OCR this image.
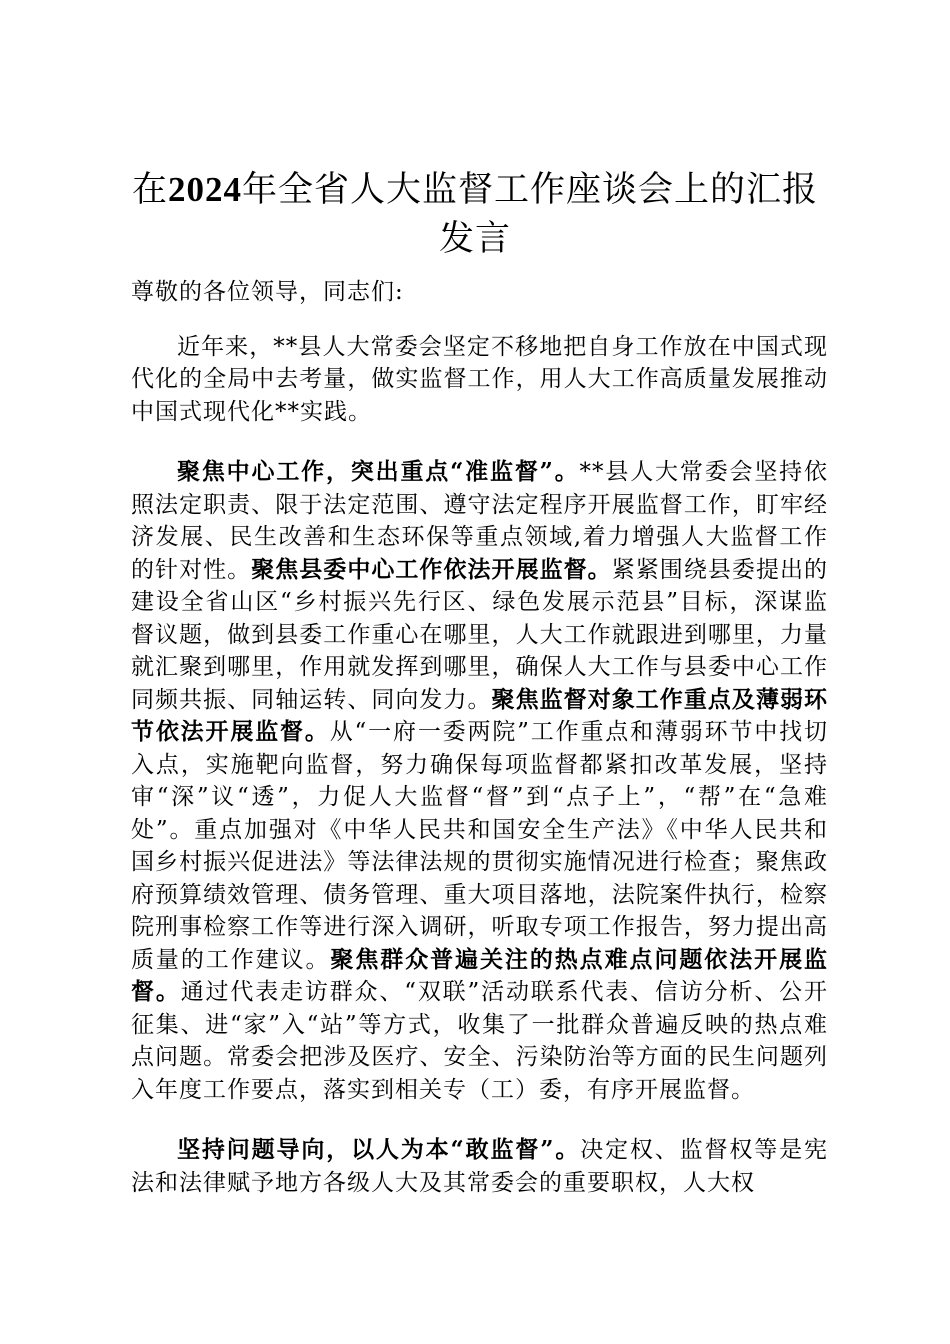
在2024年全省人大监督工作座谈会上的汇报发言

尊敬的各位领导，同志们:

近年来，**县人大常委会坚定不移地把自身工作放在中国式现代化的全局中去考量，做实监督工作，用人大工作高质量发展推动中国式现代化**实践。

聚焦中心工作，突出重点“准监督”。**县人大常委会坚持依照法定职责、限于法定范围、遵守法定程序开展监督工作，盯牢经济发展、民生改善和生态环保等重点领域,着力增强人大监督工作的针对性。聚焦县委中心工作依法开展监督。紧紧围绕县委提出的建设全省山区“乡村振兴先行区、绿色发展示范县”目标，深谋监督议题，做到县委工作重心在哪里，人大工作就跟进到哪里，力量就汇聚到哪里，作用就发挥到哪里，确保人大工作与县委中心工作同频共振、同轴运转、同向发力。聚焦监督对象工作重点及薄弱环节依法开展监督。从“一府一委两院”工作重点和薄弱环节中找切入点，实施靶向监督，努力确保每项监督都紧扣改革发展，坚持审“深”议“透”，力促人大监督“督”到“点子上”，“帮”在“急难处”。重点加强对《中华人民共和国安全生产法》《中华人民共和国乡村振兴促进法》等法律法规的贯彻实施情况进行检查；聚焦政府预算绩效管理、债务管理、重大项目落地，法院案件执行，检察院刑事检察工作等进行深入调研，听取专项工作报告，努力提出高质量的工作建议。聚焦群众普遍关注的热点难点问题依法开展监督。通过代表走访群众、“双联”活动联系代表、信访分析、公开征集、进“家”入“站”等方式，收集了一批群众普遍反映的热点难点问题。常委会把涉及医疗、安全、污染防治等方面的民生问题列入年度工作要点，落实到相关专（工）委，有序开展监督。

坚持问题导向，以人为本“敢监督”。决定权、监督权等是宪法和法律赋予地方各级人大及其常委会的重要职权，人大权
